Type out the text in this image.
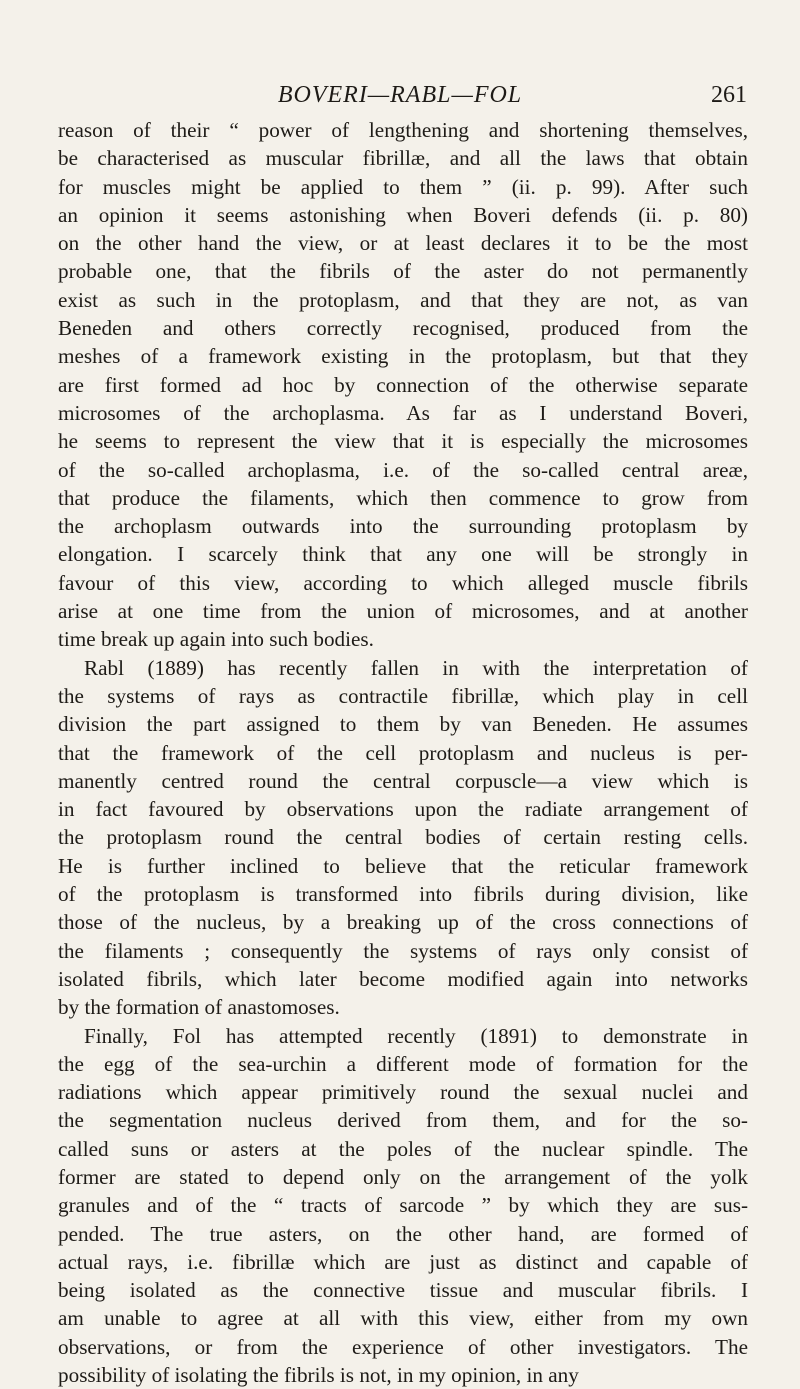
BOVERI—RABL—FOL	261
reason of their “ power of lengthening and shortening themselves,
be characterised as muscular fibrillæ, and all the laws that obtain
for muscles might be applied to them ” (ii. p. 99). After such
an opinion it seems astonishing when Boveri defends (ii. p. 80)
on the other hand the view, or at least declares it to be the most
probable one, that the fibrils of the aster do not permanently
exist as such in the protoplasm, and that they are not, as van
Beneden and others correctly recognised, produced from the
meshes of a framework existing in the protoplasm, but that they
are first formed ad hoc by connection of the otherwise separate
microsomes of the archoplasma. As far as I understand Boveri,
he seems to represent the view that it is especially the microsomes
of the so-called archoplasma, i.e. of the so-called central areæ,
that produce the filaments, which then commence to grow from
the archoplasm outwards into the surrounding protoplasm by
elongation. I scarcely think that any one will be strongly in
favour of this view, according to which alleged muscle fibrils
arise at one time from the union of microsomes, and at another
time break up again into such bodies.
Rabl (1889) has recently fallen in with the interpretation of
the systems of rays as contractile fibrillæ, which play in cell
division the part assigned to them by van Beneden. He assumes
that the framework of the cell protoplasm and nucleus is per-
manently centred round the central corpuscle—a view which is
in fact favoured by observations upon the radiate arrangement of
the protoplasm round the central bodies of certain resting cells.
He is further inclined to believe that the reticular framework
of the protoplasm is transformed into fibrils during division, like
those of the nucleus, by a breaking up of the cross connections of
the filaments ; consequently the systems of rays only consist of
isolated fibrils, which later become modified again into networks
by the formation of anastomoses.
Finally, Fol has attempted recently (1891) to demonstrate in
the egg of the sea-urchin a different mode of formation for the
radiations which appear primitively round the sexual nuclei and
the segmentation nucleus derived from them, and for the so-
called suns or asters at the poles of the nuclear spindle. The
former are stated to depend only on the arrangement of the yolk
granules and of the “ tracts of sarcode ” by which they are sus-
pended. The true asters, on the other hand, are formed of
actual rays, i.e. fibrillæ which are just as distinct and capable of
being isolated as the connective tissue and muscular fibrils. I
am unable to agree at all with this view, either from my own
observations, or from the experience of other investigators. The
possibility of isolating the fibrils is not, in my opinion, in any
